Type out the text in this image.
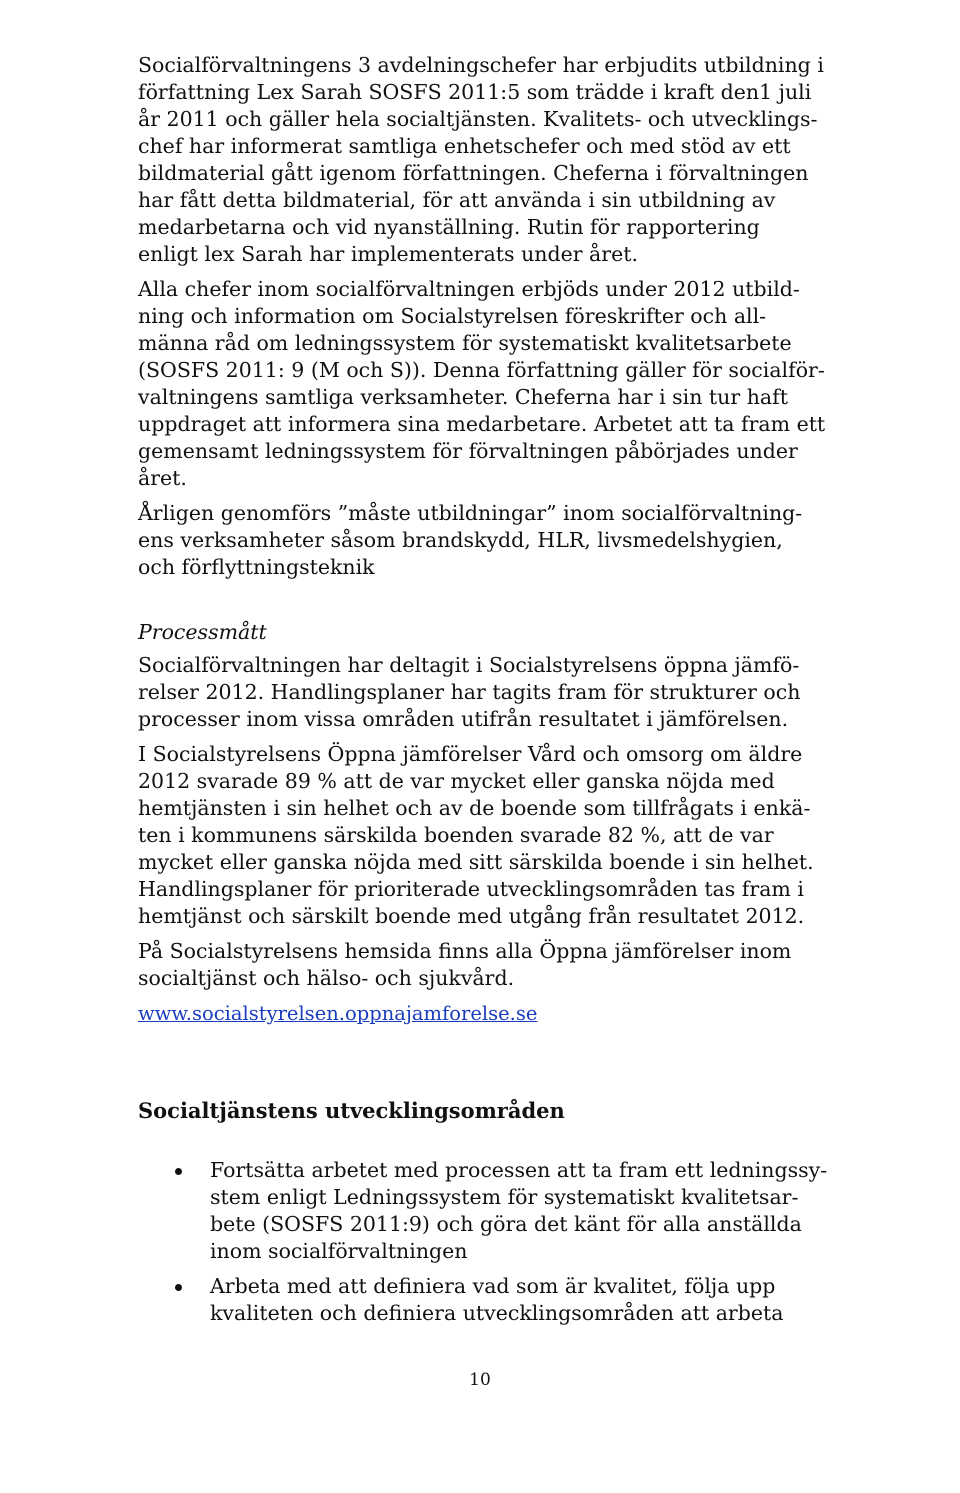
Socialförvaltningens 3 avdelningschefer har erbjudits utbildning i

författning Lex Sarah SOSFS 2011:5 som trädde i kraft den1 juli

år 2011 och gäller hela socialtjänsten. Kvalitets- och utvecklings-

chef har informerat samtliga enhetschefer och med stöd av ett

bildmaterial gått igenom författningen. Cheferna i förvaltningen

har fått detta bildmaterial, för att använda i sin utbildning av

medarbetarna och vid nyanställning. Rutin för rapportering

enligt lex Sarah har implementerats under året.

Alla chefer inom socialförvaltningen erbjöds under 2012 utbild-

ning och information om Socialstyrelsen föreskrifter och all-

männa råd om ledningssystem för systematiskt kvalitetsarbete

(SOSFS 2011: 9 (M och S)). Denna författning gäller för socialför-

valtningens samtliga verksamheter. Cheferna har i sin tur haft

uppdraget att informera sina medarbetare. Arbetet att ta fram ett

gemensamt ledningssystem för förvaltningen påbörjades under

året.

Årligen genomförs ”måste utbildningar” inom socialförvaltning-

ens verksamheter såsom brandskydd, HLR, livsmedelshygien,

och förflyttningsteknik

Processmått

Socialförvaltningen har deltagit i Socialstyrelsens öppna jämfö-

relser 2012. Handlingsplaner har tagits fram för strukturer och

processer inom vissa områden utifrån resultatet i jämförelsen.

I Socialstyrelsens Öppna jämförelser Vård och omsorg om äldre

2012 svarade 89 % att de var mycket eller ganska nöjda med

hemtjänsten i sin helhet och av de boende som tillfrågats i enkä-

ten i kommunens särskilda boenden svarade 82 %, att de var

mycket eller ganska nöjda med sitt särskilda boende i sin helhet.

Handlingsplaner för prioriterade utvecklingsområden tas fram i

hemtjänst och särskilt boende med utgång från resultatet 2012.

På Socialstyrelsens hemsida finns alla Öppna jämförelser inom

socialtjänst och hälso- och sjukvård.

www.socialstyrelsen.oppnajamforelse.se

Socialtjänstens utvecklingsområden

Fortsätta arbetet med processen att ta fram ett ledningssy-

stem enligt Ledningssystem för systematiskt kvalitetsar-

bete (SOSFS 2011:9) och göra det känt för alla anställda

inom socialförvaltningen

Arbeta med att definiera vad som är kvalitet, följa upp

kvaliteten och definiera utvecklingsområden att arbeta

10
